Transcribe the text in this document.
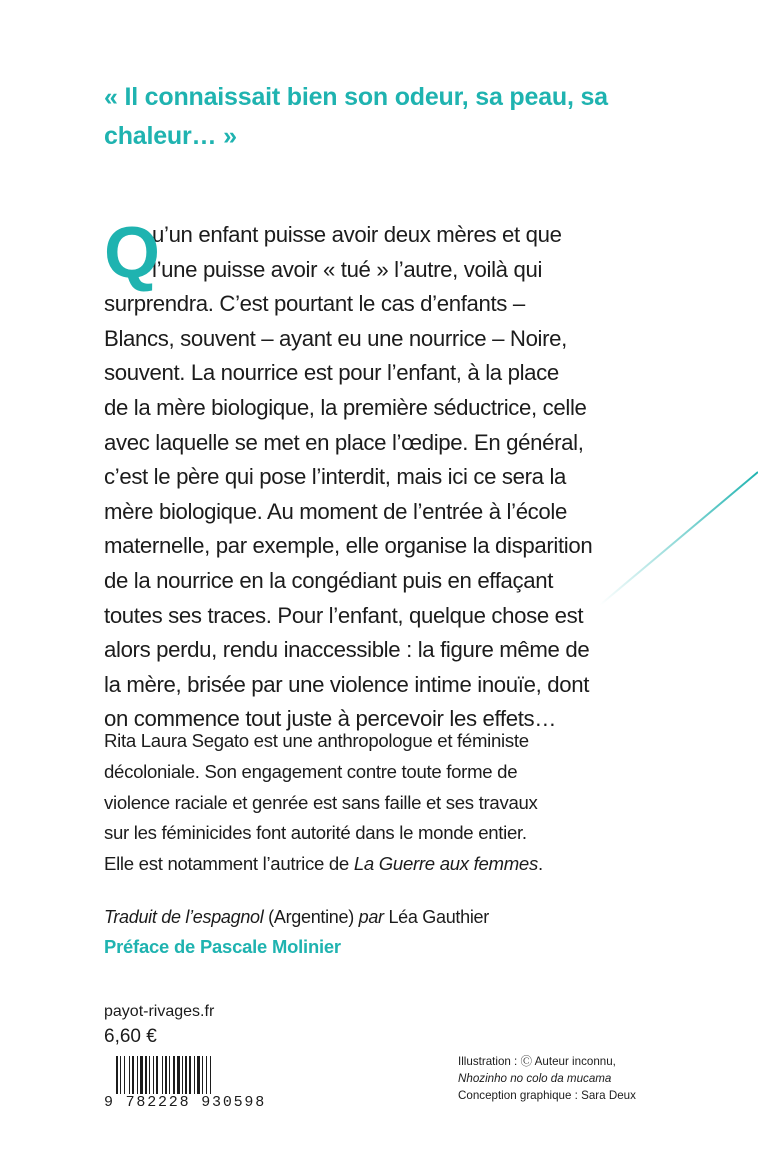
« Il connaissait bien son odeur, sa peau, sa
chaleur… »
Q

u’un enfant puisse avoir deux mères et que

l’une puisse avoir « tué » l’autre, voilà qui

surprendra. C’est pourtant le cas d’enfants –

Blancs, souvent – ayant eu une nourrice – Noire,

souvent. La nourrice est pour l’enfant, à la place

de la mère biologique, la première séductrice, celle

avec laquelle se met en place l’œdipe. En général,

c’est le père qui pose l’interdit, mais ici ce sera la

mère biologique. Au moment de l’entrée à l’école

maternelle, par exemple, elle organise la disparition

de la nourrice en la congédiant puis en effaçant

toutes ses traces. Pour l’enfant, quelque chose est

alors perdu, rendu inaccessible : la figure même de

la mère, brisée par une violence intime inouïe, dont

on commence tout juste à percevoir les effets…

Rita Laura Segato est une anthropologue et féministe

décoloniale. Son engagement contre toute forme de

violence raciale et genrée est sans faille et ses travaux

sur les féminicides font autorité dans le monde entier.

Elle est notamment l’autrice de La Guerre aux femmes.

Traduit de l’espagnol (Argentine) par Léa Gauthier
Préface de Pascale Molinier
payot-rivages.fr
6,60 €
9 782228 930598
Illustration : Ⓒ Auteur inconnu,
Nhozinho no colo da mucama
Conception graphique : Sara Deux
